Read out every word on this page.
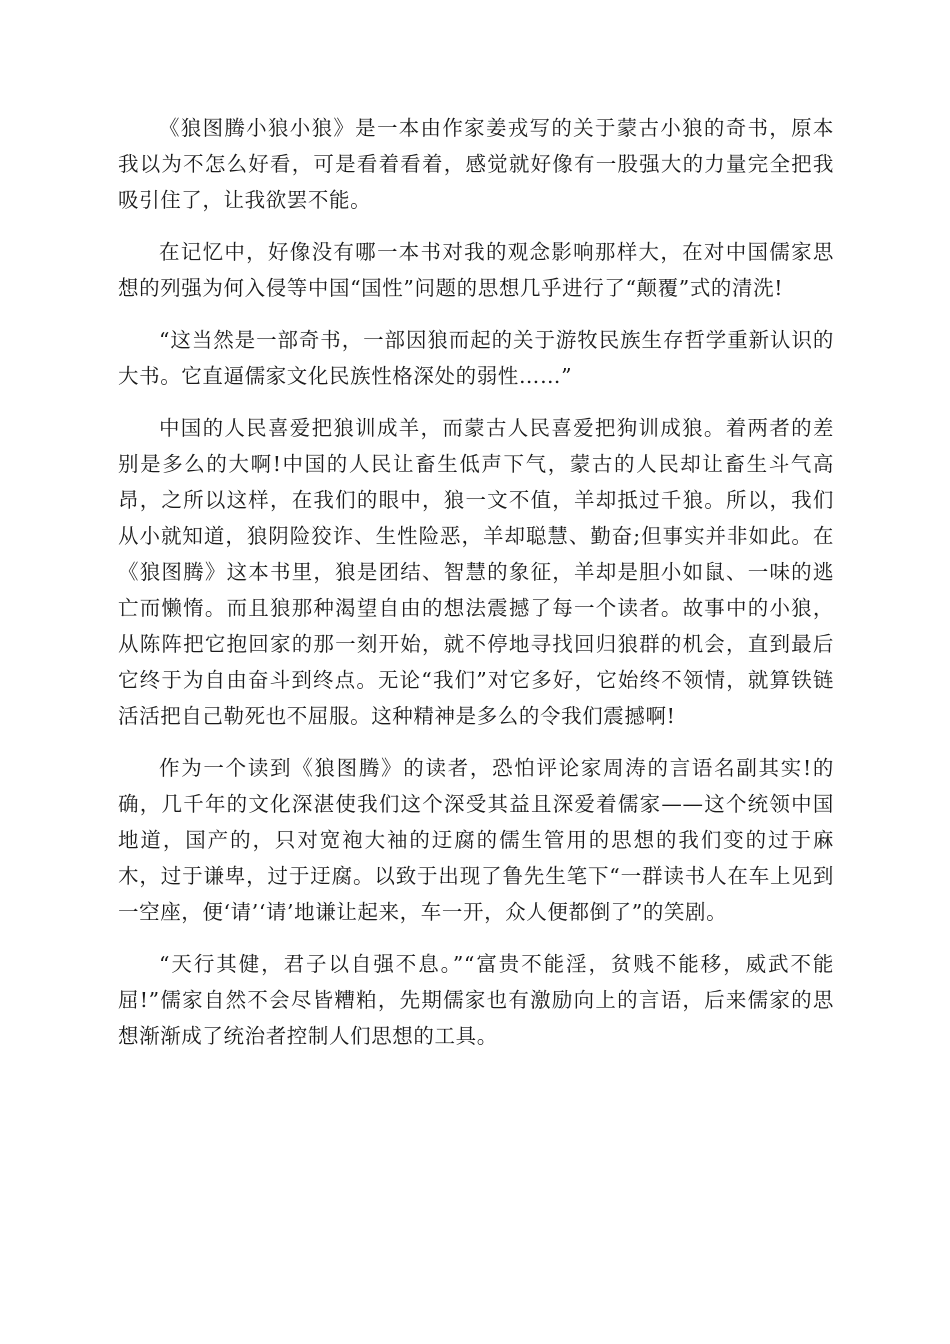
《狼图腾小狼小狼》是一本由作家姜戎写的关于蒙古小狼的奇书，原本我以为不怎么好看，可是看着看着，感觉就好像有一股强大的力量完全把我吸引住了，让我欲罢不能。

在记忆中，好像没有哪一本书对我的观念影响那样大，在对中国儒家思想的列强为何入侵等中国“国性”问题的思想几乎进行了“颠覆”式的清洗!

“这当然是一部奇书，一部因狼而起的关于游牧民族生存哲学重新认识的大书。它直逼儒家文化民族性格深处的弱性……”

中国的人民喜爱把狼训成羊，而蒙古人民喜爱把狗训成狼。着两者的差别是多么的大啊!中国的人民让畜生低声下气，蒙古的人民却让畜生斗气高昂，之所以这样，在我们的眼中，狼一文不值，羊却抵过千狼。所以，我们从小就知道，狼阴险狡诈、生性险恶，羊却聪慧、勤奋;但事实并非如此。在《狼图腾》这本书里，狼是团结、智慧的象征，羊却是胆小如鼠、一味的逃亡而懒惰。而且狼那种渴望自由的想法震撼了每一个读者。故事中的小狼，从陈阵把它抱回家的那一刻开始，就不停地寻找回归狼群的机会，直到最后它终于为自由奋斗到终点。无论“我们”对它多好，它始终不领情，就算铁链活活把自己勒死也不屈服。这种精神是多么的令我们震撼啊!

作为一个读到《狼图腾》的读者，恐怕评论家周涛的言语名副其实!的确，几千年的文化深湛使我们这个深受其益且深爱着儒家——这个统领中国地道，国产的，只对宽袍大袖的迂腐的儒生管用的思想的我们变的过于麻木，过于谦卑，过于迂腐。以致于出现了鲁先生笔下“一群读书人在车上见到一空座，便‘请’‘请’地谦让起来，车一开，众人便都倒了”的笑剧。

“天行其健，君子以自强不息。”“富贵不能淫，贫贱不能移，威武不能屈!”儒家自然不会尽皆糟粕，先期儒家也有激励向上的言语，后来儒家的思想渐渐成了统治者控制人们思想的工具。
